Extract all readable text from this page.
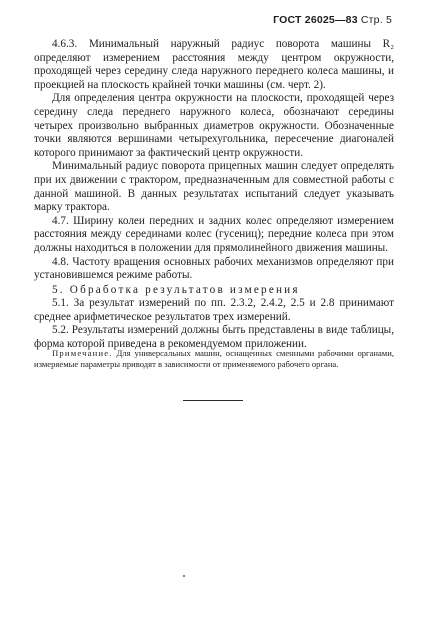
ГОСТ 26025—83 Стр. 5

4.6.3. Минимальный наружный радиус поворота машины R₂ определяют измерением расстояния между центром окружности, проходящей через середину следа наружного переднего колеса машины, и проекцией на плоскость крайней точки машины (см. черт. 2).

Для определения центра окружности на плоскости, проходящей через середину следа переднего наружного колеса, обозначают середины четырех произвольно выбранных диаметров окружности. Обозначенные точки являются вершинами четырехугольника, пересечение диагоналей которого принимают за фактический центр окружности.

Минимальный радиус поворота прицепных машин следует определять при их движении с трактором, предназначенным для совместной работы с данной машиной. В данных результатах испытаний следует указывать марку трактора.

4.7. Ширину колеи передних и задних колес определяют измерением расстояния между серединами колес (гусениц); передние колеса при этом должны находиться в положении для прямолинейного движения машины.

4.8. Частоту вращения основных рабочих механизмов определяют при установившемся режиме работы.

5. Обработка результатов измерения

5.1. За результат измерений по пп. 2.3.2, 2.4.2, 2.5 и 2.8 принимают среднее арифметическое результатов трех измерений.

5.2. Результаты измерений должны быть представлены в виде таблицы, форма которой приведена в рекомендуемом приложении.

Примечание. Для универсальных машин, оснащенных сменными рабочими органами, измеряемые параметры приводят в зависимости от применяемого рабочего органа.
